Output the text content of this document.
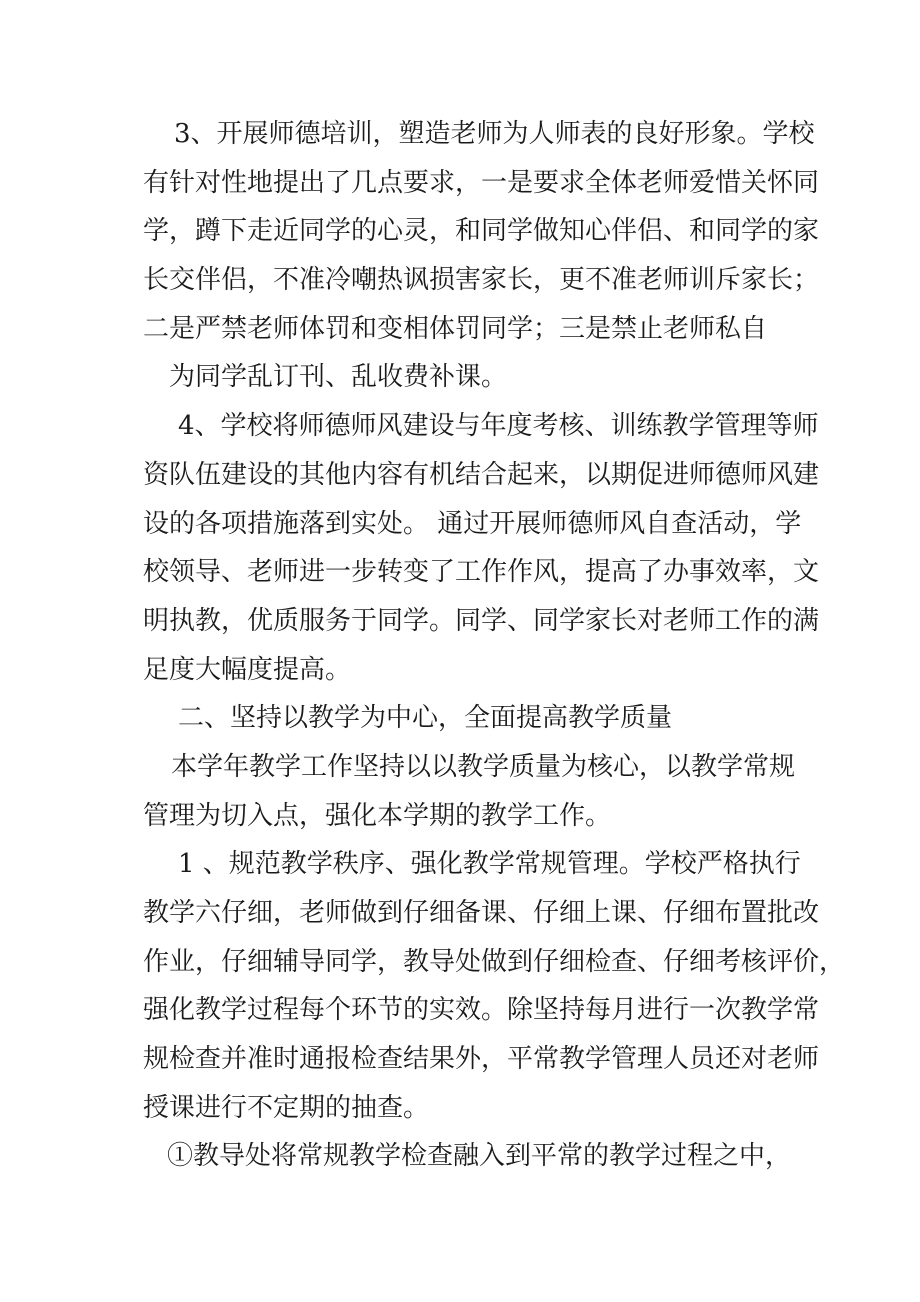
3、开展师德培训，塑造老师为人师表的良好形象。学校
有针对性地提出了几点要求，一是要求全体老师爱惜关怀同
学，蹲下走近同学的心灵，和同学做知心伴侣、和同学的家
长交伴侣，不准冷嘲热讽损害家长，更不准老师训斥家长；
二是严禁老师体罚和变相体罚同学；三是禁止老师私自
为同学乱订刊、乱收费补课。
4、学校将师德师风建设与年度考核、训练教学管理等师
资队伍建设的其他内容有机结合起来，以期促进师德师风建
设的各项措施落到实处。 通过开展师德师风自查活动，学
校领导、老师进一步转变了工作作风，提高了办事效率，文
明执教，优质服务于同学。同学、同学家长对老师工作的满
足度大幅度提高。
二、坚持以教学为中心，全面提高教学质量
本学年教学工作坚持以以教学质量为核心，以教学常规
管理为切入点，强化本学期的教学工作。
1 、规范教学秩序、强化教学常规管理。学校严格执行
教学六仔细，老师做到仔细备课、仔细上课、仔细布置批改
作业，仔细辅导同学，教导处做到仔细检查、仔细考核评价，
强化教学过程每个环节的实效。除坚持每月进行一次教学常
规检查并准时通报检查结果外，平常教学管理人员还对老师
授课进行不定期的抽查。
①教导处将常规教学检查融入到平常的教学过程之中，
